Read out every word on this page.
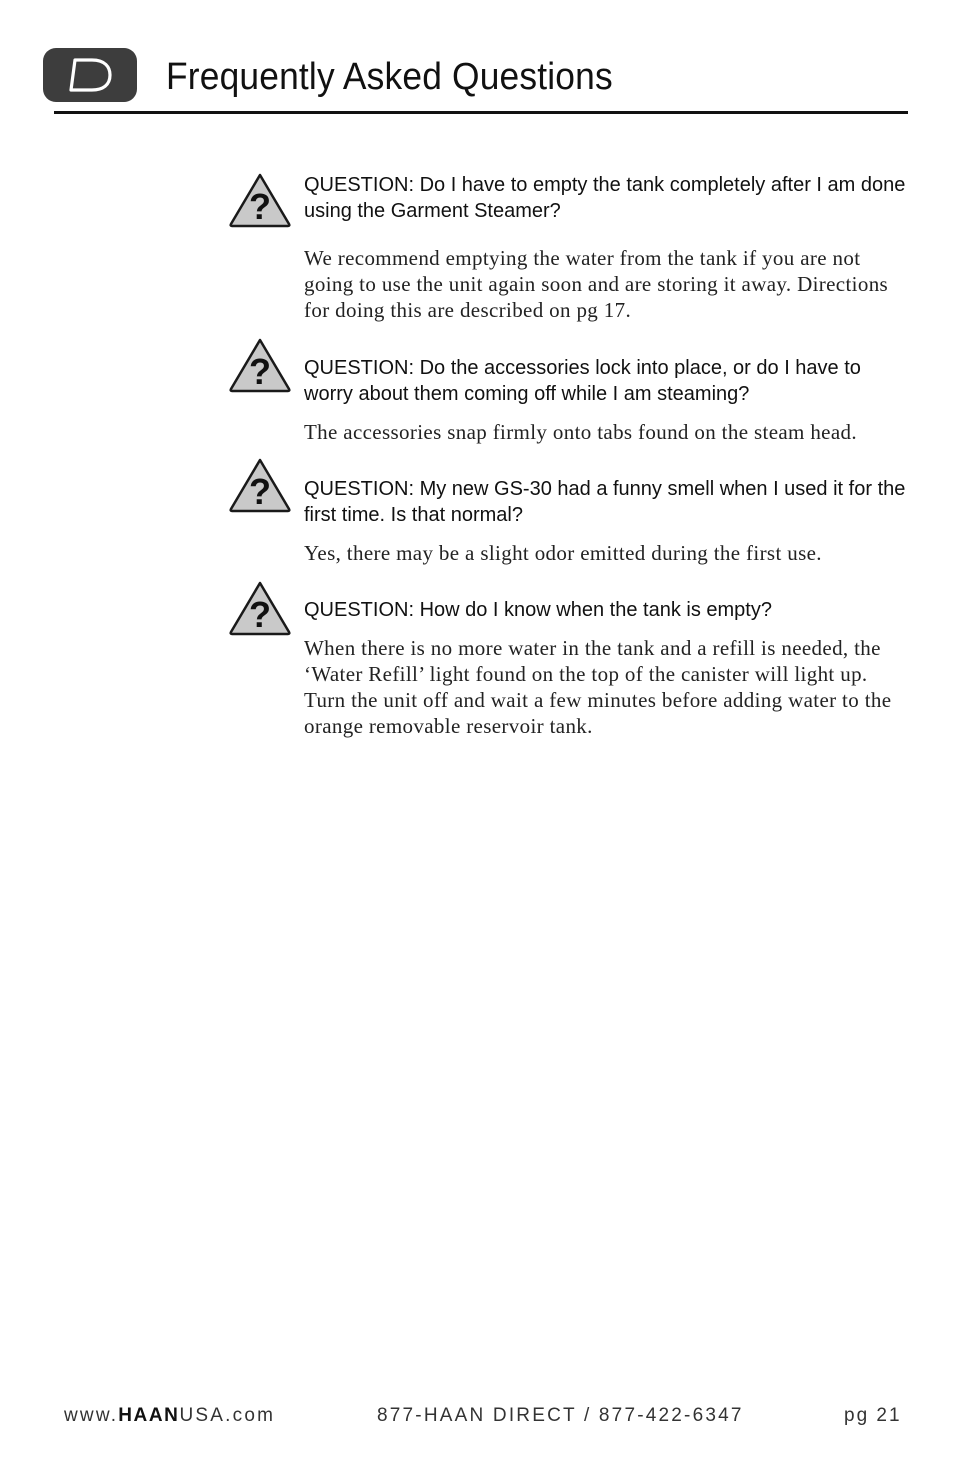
Frequently Asked Questions
?

QUESTION: Do I have to empty the tank completely after I am done using the Garment Steamer?

We recommend emptying the water from the tank if you are not going to use the unit again soon and are storing it away. Directions for doing this are described on pg 17.

? QUESTION: Do the accessories lock into place, or do I have to worry about them coming off while I am steaming?

The accessories snap firmly onto tabs found on the steam head.

? QUESTION: My new GS-30 had a funny smell when I used it for the first time. Is that normal?

Yes, there may be a slight odor emitted during the first use.

? QUESTION: How do I know when the tank is empty?

When there is no more water in the tank and a refill is needed, the ‘Water Refill’ light found on the top of the canister will light up. Turn the unit off and wait a few minutes before adding water to the orange removable reservoir tank.

www.HAANUSA.com	877-HAAN DIRECT / 877-422-6347	pg 21
